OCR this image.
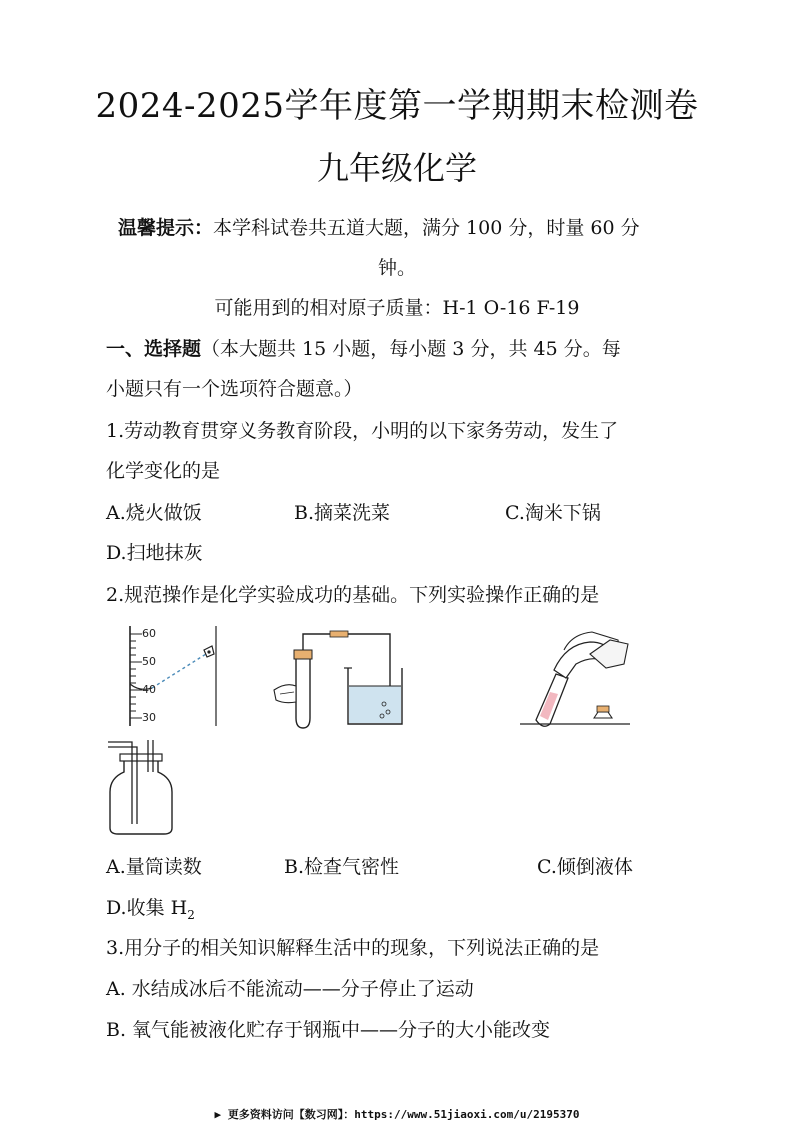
2024-2025学年度第一学期期末检测卷
九年级化学
温馨提示：本学科试卷共五道大题，满分 100 分，时量 60 分
钟。
可能用到的相对原子质量：H-1 O-16 F-19
一、选择题（本大题共 15 小题，每小题 3 分，共 45 分。每
小题只有一个选项符合题意。）
1.劳动教育贯穿义务教育阶段，小明的以下家务劳动，发生了
化学变化的是
A.烧火做饭	B.摘菜洗菜	C.淘米下锅
D.扫地抹灰
2.规范操作是化学实验成功的基础。下列实验操作正确的是
60
50
40
30
A.量筒读数	B.检查气密性	C.倾倒液体
D.收集 $H_2$
3.用分子的相关知识解释生活中的现象，下列说法正确的是
A. 水结成冰后不能流动——分子停止了运动
B. 氧气能被液化贮存于钢瓶中——分子的大小能改变
▶ 更多资料访问【数习网】：https://www.51jiaoxi.com/u/2195370
